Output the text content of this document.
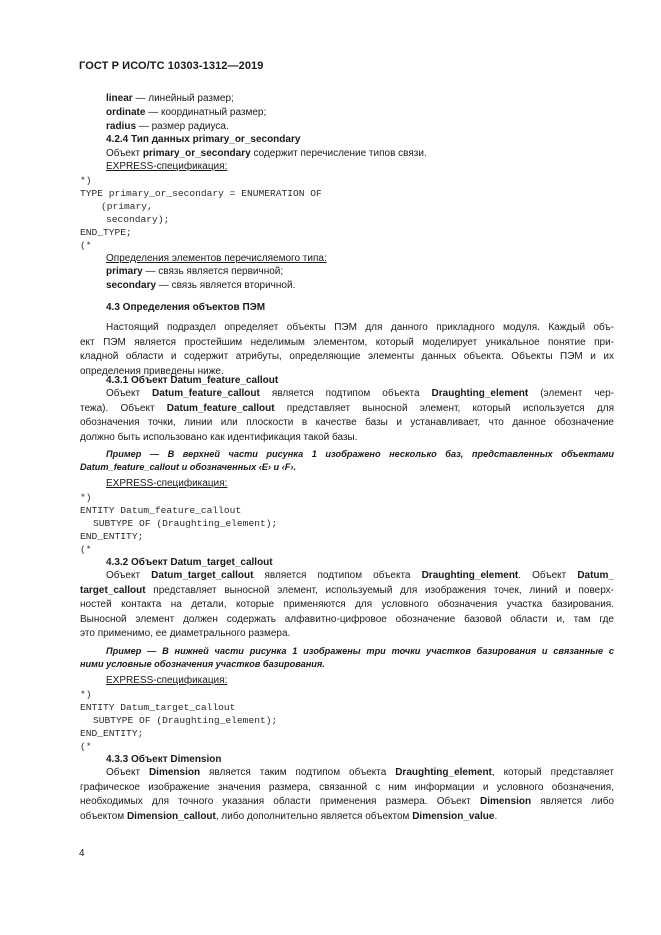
ГОСТ Р ИСО/ТС 10303-1312—2019
linear — линейный размер;
ordinate — координатный размер;
radius — размер радиуса.
4.2.4 Тип данных primary_or_secondary
Объект primary_or_secondary содержит перечисление типов связи.
EXPRESS-спецификация:
*)
TYPE primary_or_secondary = ENUMERATION OF
(primary,
secondary);
END_TYPE;
(*
Определения элементов перечисляемого типа:
primary — связь является первичной;
secondary — связь является вторичной.
4.3 Определения объектов ПЭМ
Настоящий подраздел определяет объекты ПЭМ для данного прикладного модуля. Каждый объ-
ект ПЭМ является простейшим неделимым элементом, который моделирует уникальное понятие при-
кладной области и содержит атрибуты, определяющие элементы данных объекта. Объекты ПЭМ и их
определения приведены ниже.
4.3.1 Объект Datum_feature_callout
Объект Datum_feature_callout является подтипом объекта Draughting_element (элемент чер-
тежа). Объект Datum_feature_callout представляет выносной элемент, который используется для
обозначения точки, линии или плоскости в качестве базы и устанавливает, что данное обозначение
должно быть использовано как идентификация такой базы.
Пример — В верхней части рисунка 1 изображено несколько баз, представленных объектами
Datum_feature_callout и обозначенных ‹E› и ‹F›.
EXPRESS-спецификация:
*)
ENTITY Datum_feature_callout
SUBTYPE OF (Draughting_element);
END_ENTITY;
(*
4.3.2 Объект Datum_target_callout
Объект Datum_target_callout является подтипом объекта Draughting_element. Объект Datum_
target_callout представляет выносной элемент, используемый для изображения точек, линий и поверх-
ностей контакта на детали, которые применяются для условного обозначения участка базирования.
Выносной элемент должен содержать алфавитно-цифровое обозначение базовой области и, там где
это применимо, ее диаметрального размера.
Пример — В нижней части рисунка 1 изображены три точки участков базирования и связанные с
ними условные обозначения участков базирования.
EXPRESS-спецификация:
*)
ENTITY Datum_target_callout
SUBTYPE OF (Draughting_element);
END_ENTITY;
(*
4.3.3 Объект Dimension
Объект Dimension является таким подтипом объекта Draughting_element, который представляет
графическое изображение значения размера, связанной с ним информации и условного обозначения,
необходимых для точного указания области применения размера. Объект Dimension является либо
объектом Dimension_callout, либо дополнительно является объектом Dimension_value.
4
